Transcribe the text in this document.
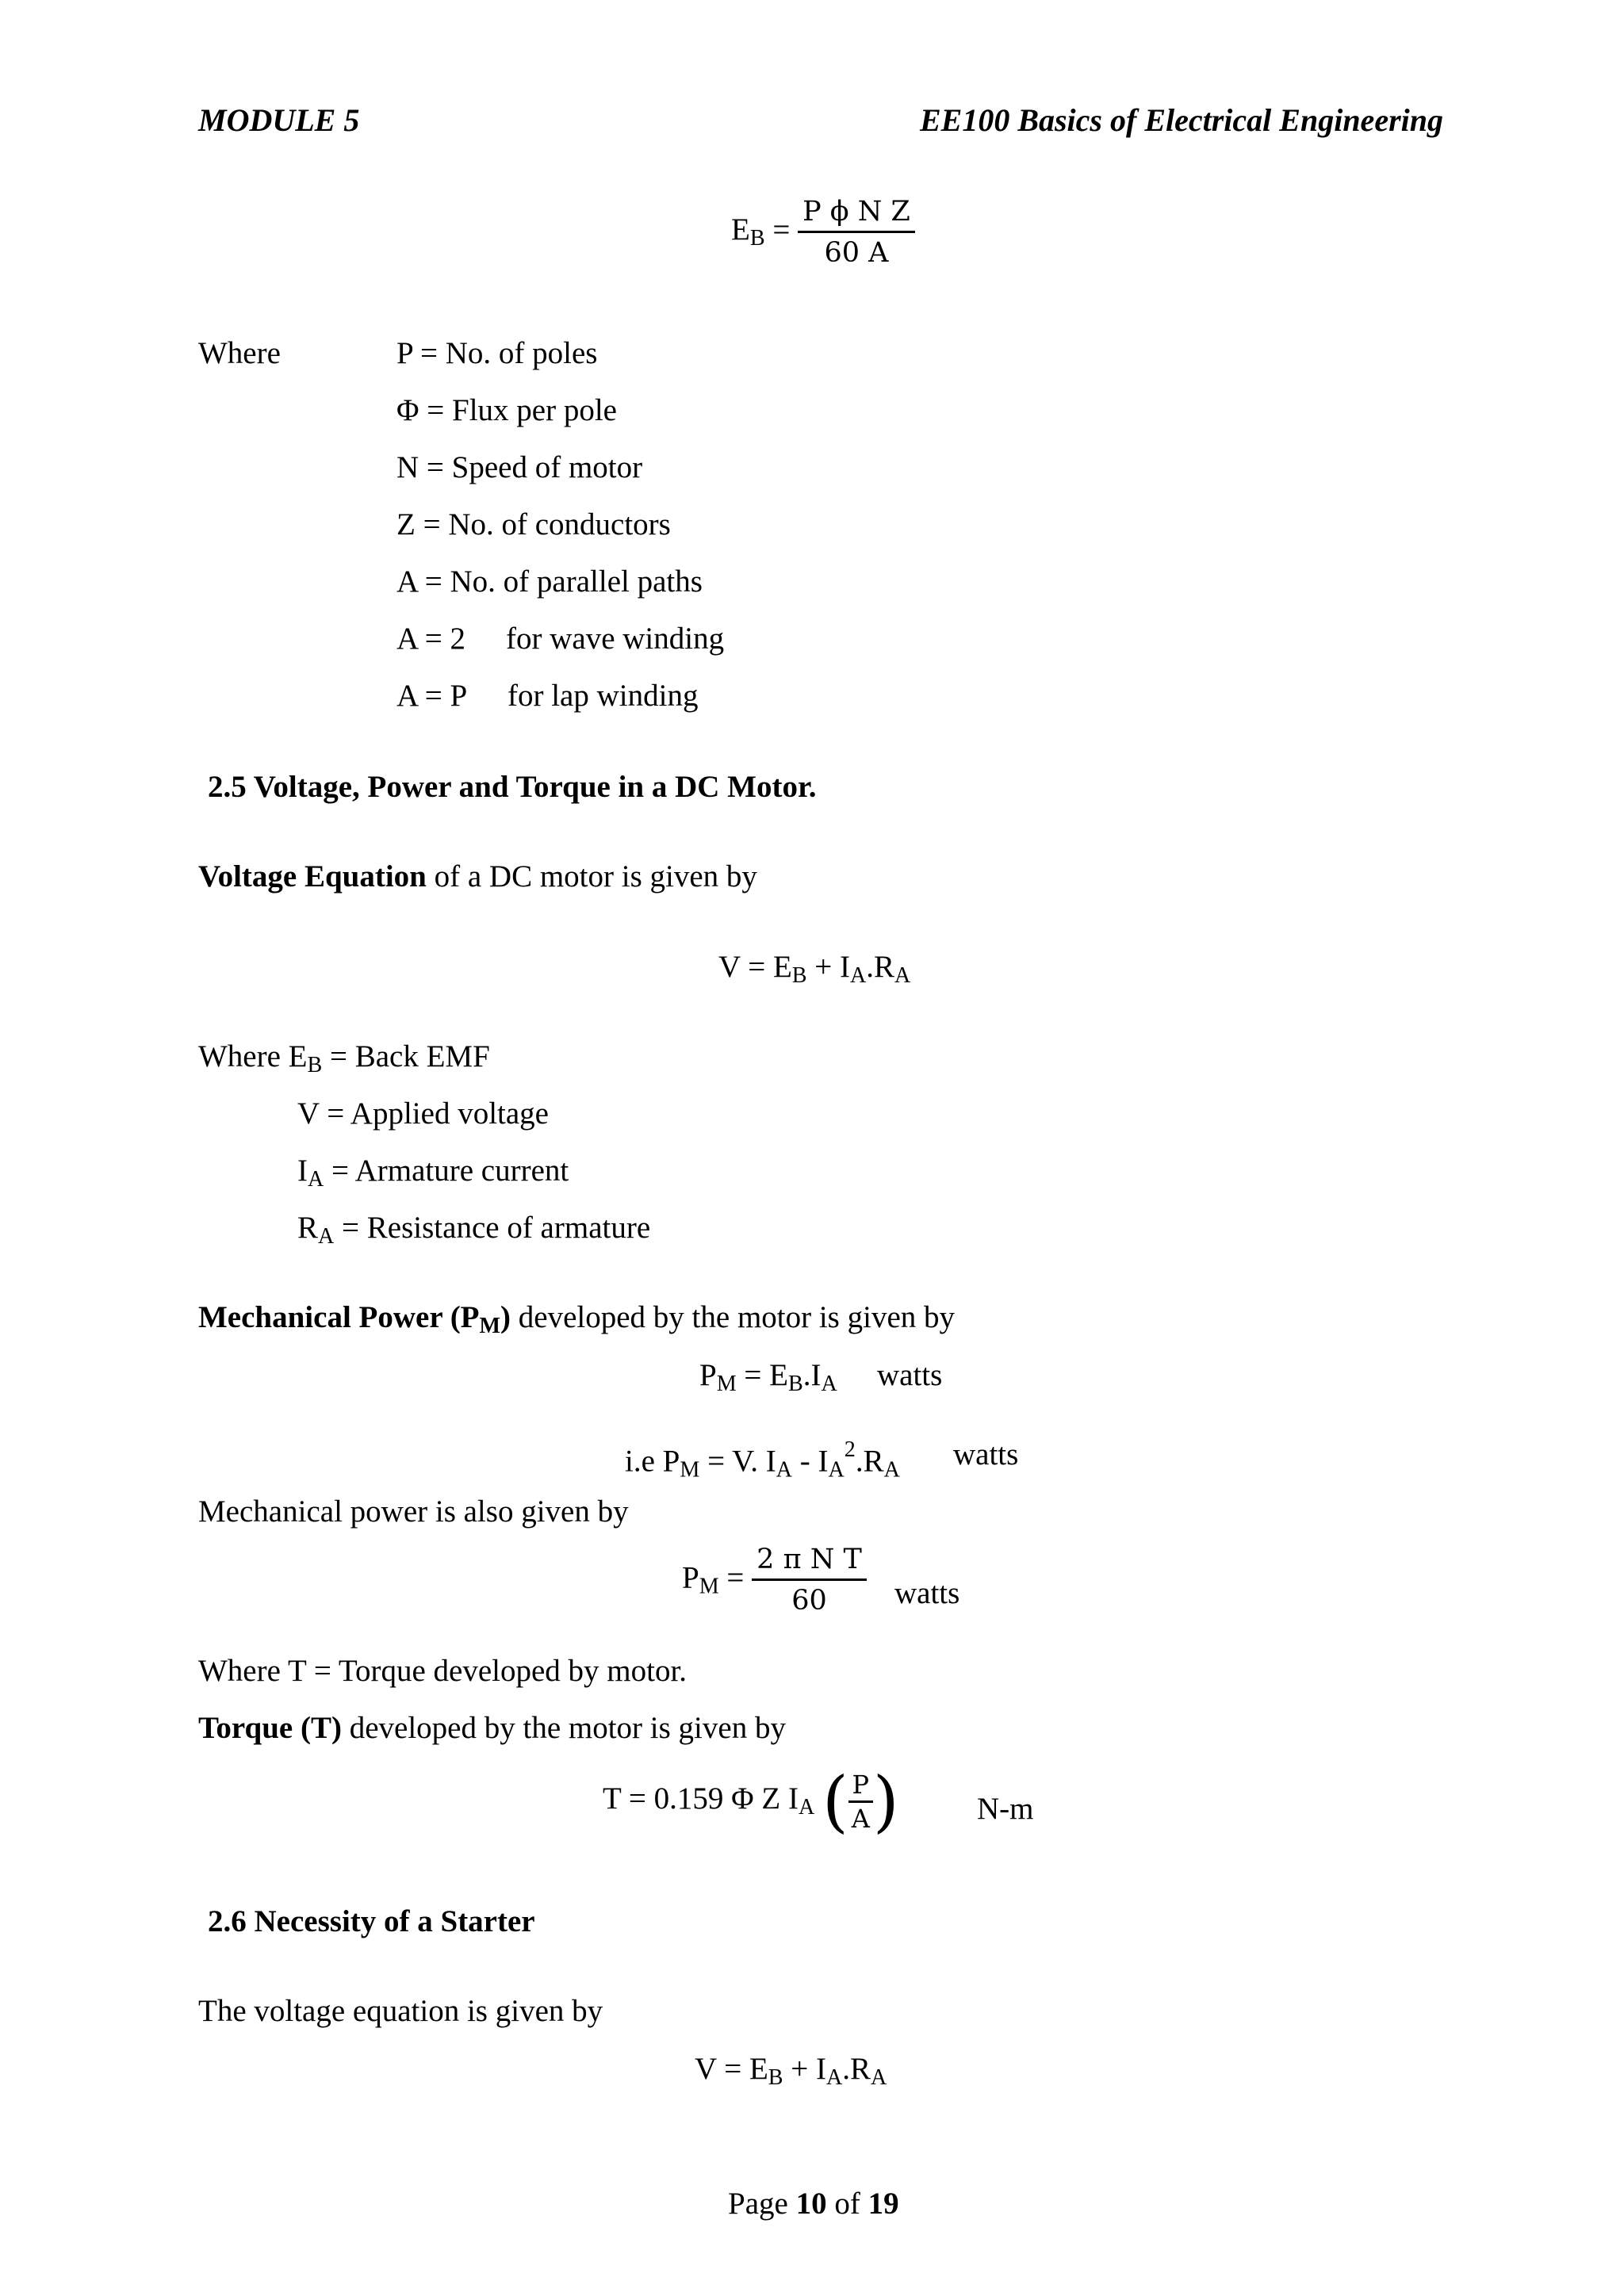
MODULE 5	EE100 Basics of Electrical Engineering
$E_B = \frac{\text{P ϕ N Z}}{60 A}$
Where	P = No. of poles
Φ = Flux per pole
N = Speed of motor
Z = No. of conductors
A = No. of parallel paths
A = 2 for wave winding
A = P for lap winding
2.5 Voltage, Power and Torque in a DC Motor.
Voltage Equation of a DC motor is given by
$V = E_B + I_A.R_A$
Where $E_B$ = Back EMF
V = Applied voltage
$I_A$ = Armature current
$R_A$ = Resistance of armature
Mechanical Power $(P_M)$ developed by the motor is given by
$P_M = E_B.I_A$ watts
i.e $P_M = V$. $I_A - I_A^2.R_A$ watts
Mechanical power is also given by
$P_M = \frac{\text{2 π N T}}{60}$ watts
Where T = Torque developed by motor.
Torque (T) developed by the motor is given by
T = 0.159 Φ Z $I_A$ ( $\frac{P}{A}$ )	N-m
2.6 Necessity of a Starter
The voltage equation is given by
$V = E_B + I_A.R_A$
Page 10 of 19
